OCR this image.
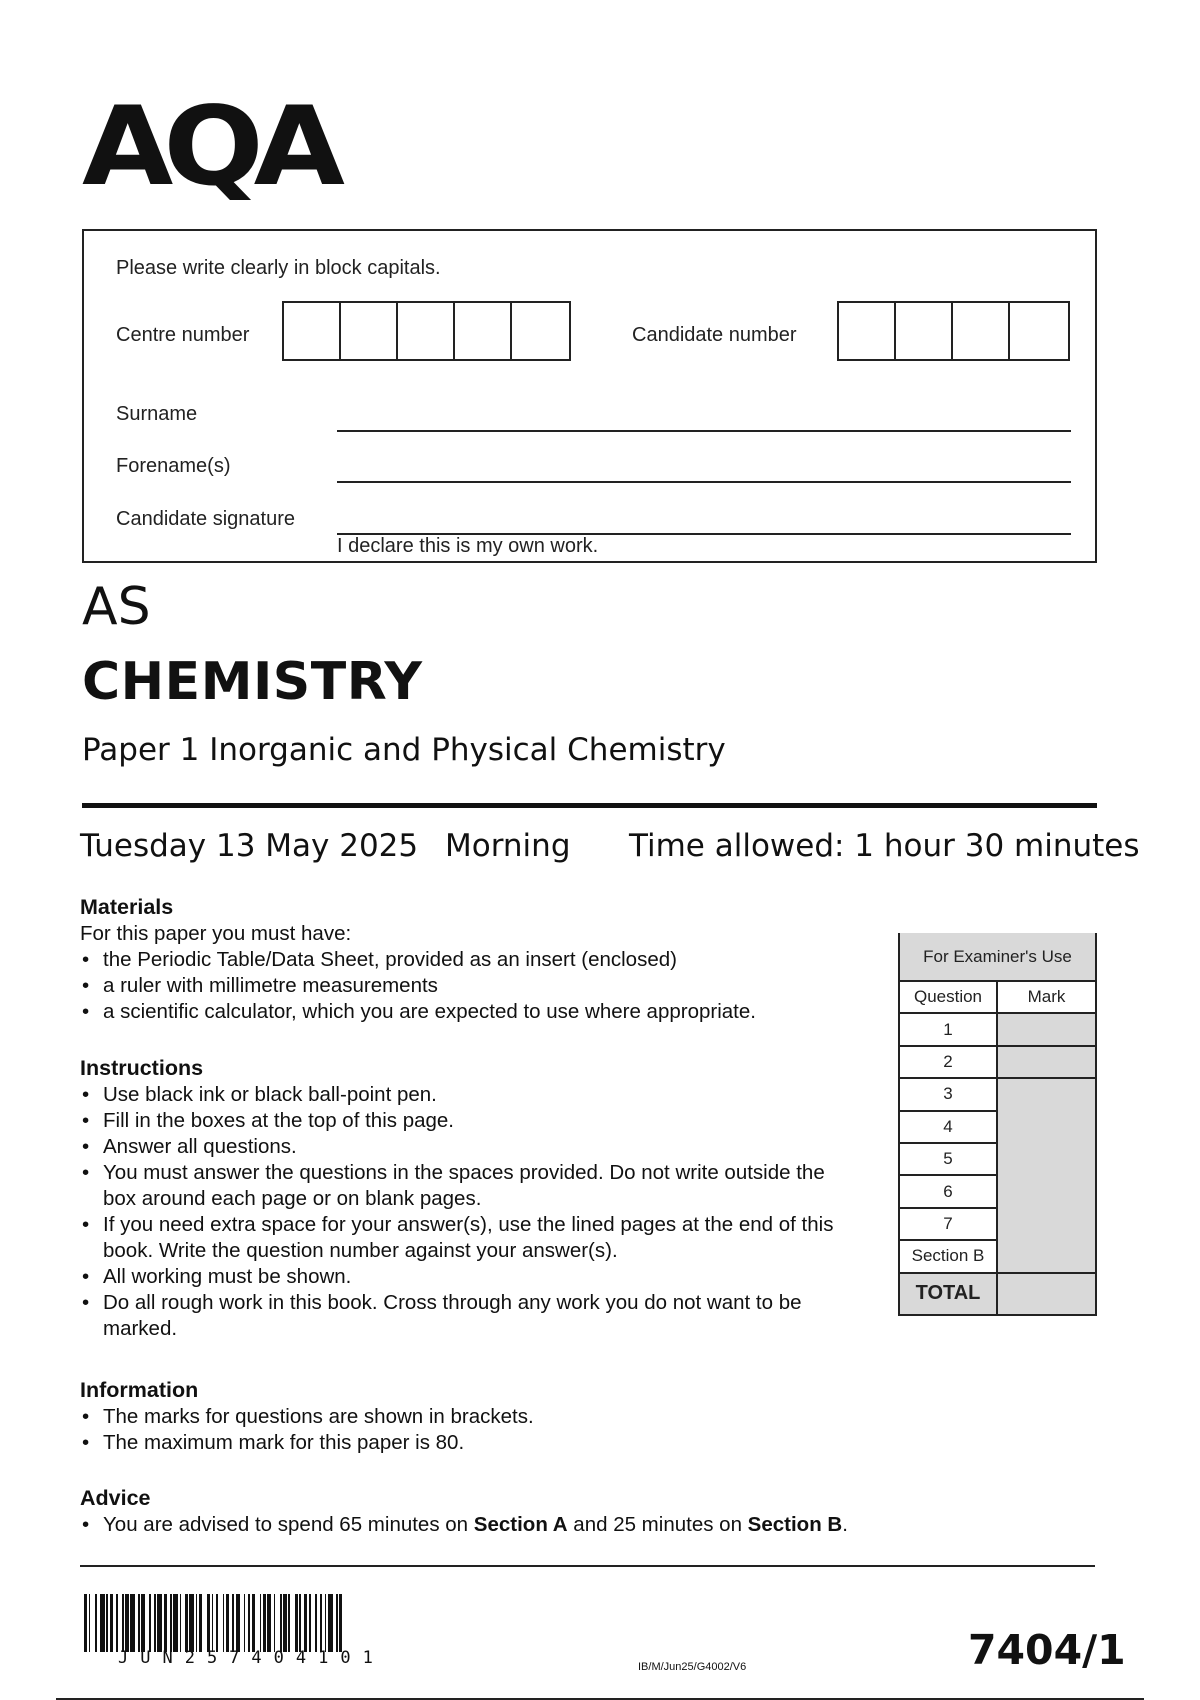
AQA
Please write clearly in block capitals.
Centre number	Candidate number
Surname
Forename(s)
Candidate signature
I declare this is my own work.
AS
CHEMISTRY
Paper 1 Inorganic and Physical Chemistry
Tuesday 13 May 2025 Morning Time allowed: 1 hour 30 minutes
Materials
For this paper you must have:
• the Periodic Table/Data Sheet, provided as an insert (enclosed)
• a ruler with millimetre measurements
• a scientific calculator, which you are expected to use where appropriate.
Instructions
• Use black ink or black ball-point pen.
• Fill in the boxes at the top of this page.
• Answer all questions.
• You must answer the questions in the spaces provided. Do not write outside the box around each page or on blank pages.
• If you need extra space for your answer(s), use the lined pages at the end of this book. Write the question number against your answer(s).
• All working must be shown.
• Do all rough work in this book. Cross through any work you do not want to be marked.
Information
• The marks for questions are shown in brackets.
• The maximum mark for this paper is 80.
Advice
• You are advised to spend 65 minutes on Section A and 25 minutes on Section B.
For Examiner's Use	
Question	Mark
1	
2	
3	
4	
5	
6	
7	
Section B	
TOTAL	
JUN257404101	IB/M/Jun25/G4002/V6	7404/1
